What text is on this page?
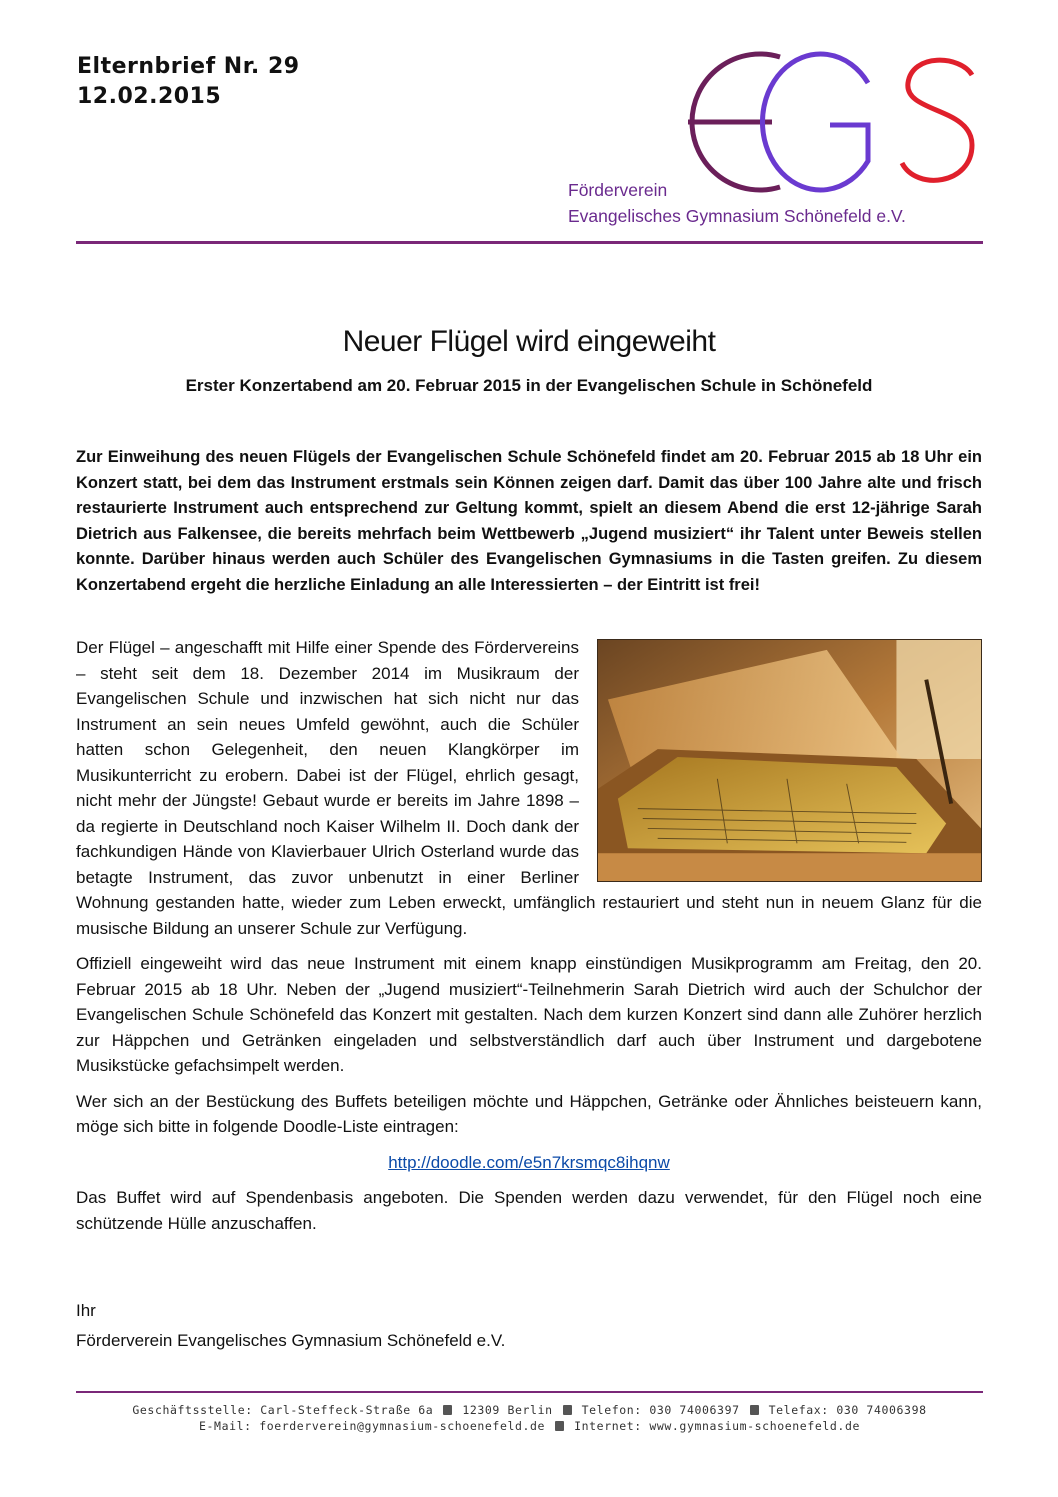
Elternbrief Nr. 29
12.02.2015
Förderverein
Evangelisches Gymnasium Schönefeld e.V.
Neuer Flügel wird eingeweiht
Erster Konzertabend am 20. Februar 2015 in der Evangelischen Schule in Schönefeld
Zur Einweihung des neuen Flügels der Evangelischen Schule Schönefeld findet am 20. Februar 2015 ab 18 Uhr ein Konzert statt, bei dem das Instrument erstmals sein Können zeigen darf. Damit das über 100 Jahre alte und frisch restaurierte Instrument auch entsprechend zur Geltung kommt, spielt an diesem Abend die erst 12-jährige Sarah Dietrich aus Falkensee, die bereits mehrfach beim Wettbewerb „Jugend musiziert“ ihr Talent unter Beweis stellen konnte. Darüber hinaus werden auch Schüler des Evangelischen Gymnasiums in die Tasten greifen. Zu diesem Konzertabend ergeht die herzliche Einladung an alle Interessierten – der Eintritt ist frei!

Der Flügel – angeschafft mit Hilfe einer Spende des Fördervereins – steht seit dem 18. Dezember 2014 im Musikraum der Evangelischen Schule und inzwischen hat sich nicht nur das Instrument an sein neues Umfeld gewöhnt, auch die Schüler hatten schon Gelegenheit, den neuen Klangkörper im Musikunterricht zu erobern. Dabei ist der Flügel, ehrlich gesagt, nicht mehr der Jüngste! Gebaut wurde er bereits im Jahre 1898 – da regierte in Deutschland noch Kaiser Wilhelm II. Doch dank der fachkundigen Hände von Klavierbauer Ulrich Osterland wurde das betagte Instrument, das zuvor unbenutzt in einer Berliner Wohnung gestanden hatte, wieder zum Leben erweckt, umfänglich restauriert und steht nun in neuem Glanz für die musische Bildung an unserer Schule zur Verfügung.

Offiziell eingeweiht wird das neue Instrument mit einem knapp einstündigen Musikprogramm am Freitag, den 20. Februar 2015 ab 18 Uhr. Neben der „Jugend musiziert“-Teilnehmerin Sarah Dietrich wird auch der Schulchor der Evangelischen Schule Schönefeld das Konzert mit gestalten. Nach dem kurzen Konzert sind dann alle Zuhörer herzlich zur Häppchen und Getränken eingeladen und selbstverständlich darf auch über Instrument und dargebotene Musikstücke gefachsimpelt werden.

Wer sich an der Bestückung des Buffets beteiligen möchte und Häppchen, Getränke oder Ähnliches beisteuern kann, möge sich bitte in folgende Doodle-Liste eintragen:

http://doodle.com/e5n7krsmqc8ihqnw

Das Buffet wird auf Spendenbasis angeboten. Die Spenden werden dazu verwendet, für den Flügel noch eine schützende Hülle anzuschaffen.

Ihr
Förderverein Evangelisches Gymnasium Schönefeld e.V.
Geschäftsstelle: Carl-Steffeck-Straße 6a	12309 Berlin	Telefon: 030 74006397	Telefax: 030 74006398
E-Mail: foerderverein@gymnasium-schoenefeld.de	Internet: www.gymnasium-schoenefeld.de
